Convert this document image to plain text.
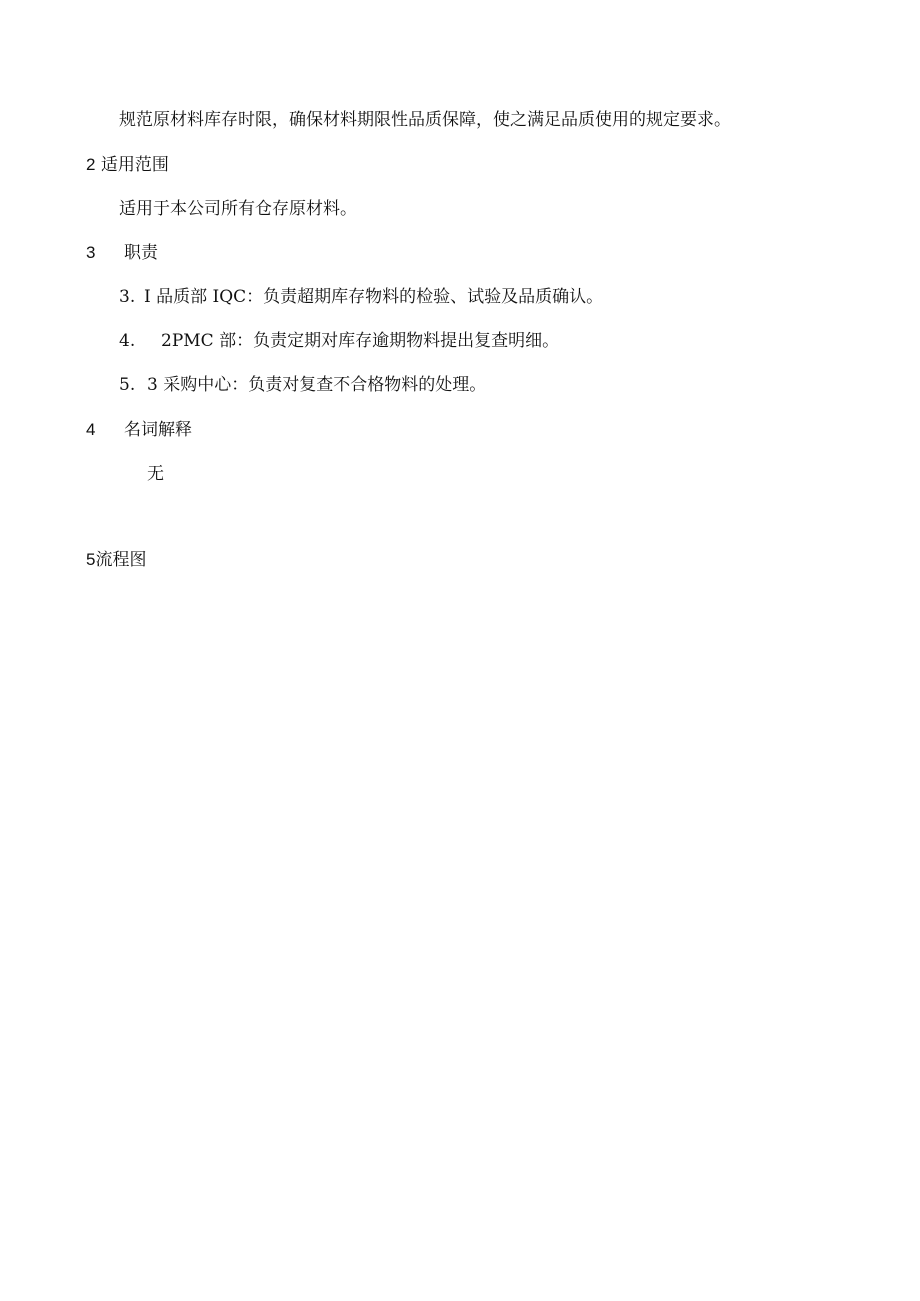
规范原材料库存时限，确保材料期限性品质保障，使之满足品质使用的规定要求。
2 适用范围
适用于本公司所有仓存原材料。
3 职责
3. I 品质部 IQC：负责超期库存物料的检验、试验及品质确认。
4. 2PMC 部：负责定期对库存逾期物料提出复查明细。
5. 3 采购中心：负责对复查不合格物料的处理。
4 名词解释
无
5流程图
